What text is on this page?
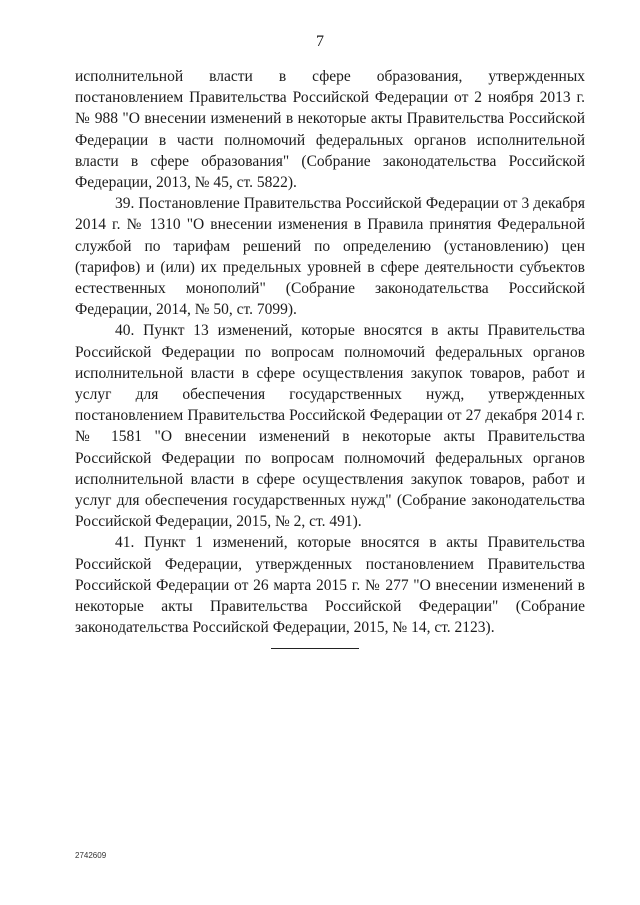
7

исполнительной власти в сфере образования, утвержденных постановлением Правительства Российской Федерации от 2 ноября 2013 г. № 988 "О внесении изменений в некоторые акты Правительства Российской Федерации в части полномочий федеральных органов исполнительной власти в сфере образования" (Собрание законодательства Российской Федерации, 2013, № 45, ст. 5822).

39. Постановление Правительства Российской Федерации от 3 декабря 2014 г. № 1310 "О внесении изменения в Правила принятия Федеральной службой по тарифам решений по определению (установлению) цен (тарифов) и (или) их предельных уровней в сфере деятельности субъектов естественных монополий" (Собрание законодательства Российской Федерации, 2014, № 50, ст. 7099).

40. Пункт 13 изменений, которые вносятся в акты Правительства Российской Федерации по вопросам полномочий федеральных органов исполнительной власти в сфере осуществления закупок товаров, работ и услуг для обеспечения государственных нужд, утвержденных постановлением Правительства Российской Федерации от 27 декабря 2014 г. № 1581 "О внесении изменений в некоторые акты Правительства Российской Федерации по вопросам полномочий федеральных органов исполнительной власти в сфере осуществления закупок товаров, работ и услуг для обеспечения государственных нужд" (Собрание законодательства Российской Федерации, 2015, № 2, ст. 491).

41. Пункт 1 изменений, которые вносятся в акты Правительства Российской Федерации, утвержденных постановлением Правительства Российской Федерации от 26 марта 2015 г. № 277 "О внесении изменений в некоторые акты Правительства Российской Федерации" (Собрание законодательства Российской Федерации, 2015, № 14, ст. 2123).

2742609
